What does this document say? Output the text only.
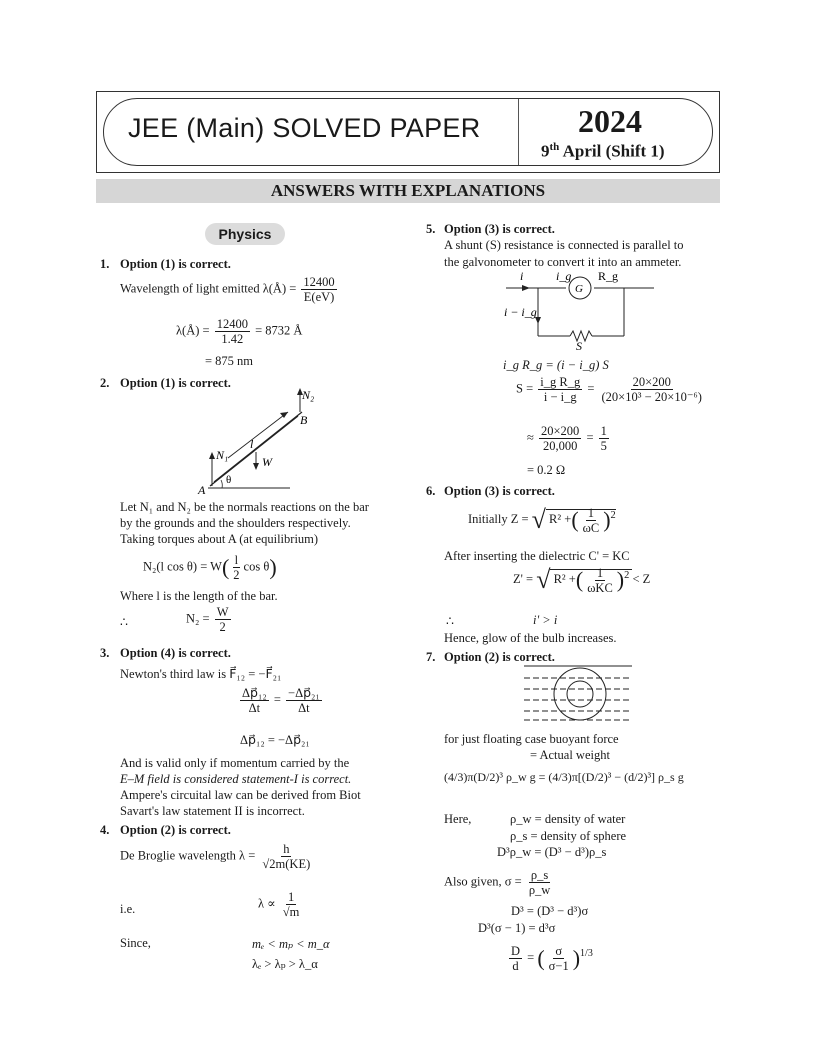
JEE (Main) SOLVED PAPER	2024
9th April (Shift 1)
ANSWERS WITH EXPLANATIONS
Physics
1. Option (1) is correct.
Wavelength of light emitted λ(Å) = $\frac{12400}{E(eV)}$
λ(Å) = $\frac{12400}{1.42} = 8732$ Å
= 875 nm
2. Option (1) is correct.
N₂
B
l
N₁	W
A
θ
Let N₁ and N₂ be the normals reactions on the bar
by the grounds and the shoulders respectively.
Taking torques about A (at equilibrium)
N₂(l $\cos \theta) = W( \frac{l}{2}$ cos θ)
Where l is the length of the bar.
∴	$N_2 = \frac{W}{2}$
3. Option (4) is correct.
Newton's third law is F⃗₁₂ = −F⃗₂₁
$\frac{\text{Δp⃗₁₂}}{\Delta t} = \frac{\text{−Δp⃗₂₁}}{\Delta t}$
Δp⃗₁₂ = −Δp⃗₂₁
And is valid only if momentum carried by the
E–M field is considered statement-I is correct.
Ampere's circuital law can be derived from Biot
Savart's law statement II is incorrect.
4. Option (2) is correct.
De Broglie wavelength $\lambda = \frac{h}{√2m(KE)}$
i.e.	$\lambda \propto \frac{1}{√m}$
Since,	mₑ < mₚ < m_α
λₑ > λₚ > λ_α
5. Option (3) is correct.
A shunt (S) resistance is connected is parallel to
the galvonometer to convert it into an ammeter.
i	i_g R_g
G
i − i_g
S
i_g R_g = (i − i_g) S
$S = \frac{\text{i\_g R\_g}}{i - i\_g} = \frac{20\times 200}{\text{(20×10³ − 20×10⁻⁶)}}$
≈ $\frac{20\times 200}{20,000} = \frac{1}{5}$
= 0.2 Ω
6. Option (3) is correct.
Initially Z = √ R² +( $\frac{1}{\omega C} )^2$
After inserting the dielectric C' = KC
Z' = √ R² +( $\frac{1}{\text{ωKC}} )^2 < Z$
∴	i' > i
Hence, glow of the bulb increases.
7. Option (2) is correct.
for just floating case buoyant force
= Actual weight
(4/3)π(D/2)³ ρ_w g = (4/3)π[(D/2)³ − (d/2)³] ρ_s g
Here,	ρ_w = density of water
ρ_s = density of sphere
D³ρ_w = (D³ − d³)ρ_s
Also given, $\sigma = \frac{\rho\_s}{\rho\_w}$
D³ = (D³ − d³)σ
D³(σ − 1) = d³σ
$\frac{D}{d}$ = ( $\frac{\sigma}{\sigma-1} )^{1/3}$
